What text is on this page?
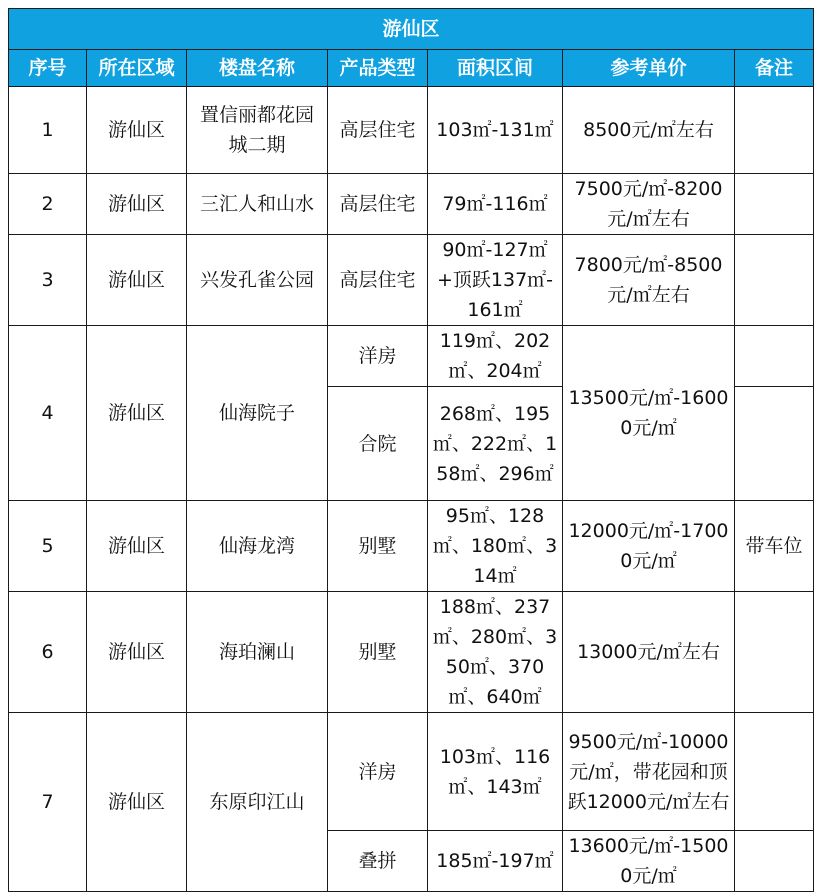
游仙区						
序号	所在区域	楼盘名称	产品类型	面积区间	参考单价	备注
1	游仙区	置信丽都花园城二期	高层住宅	103㎡-131㎡	8500元/㎡左右	
2	游仙区	三汇人和山水	高层住宅	79㎡-116㎡	7500元/㎡-8200元/㎡左右	
3	游仙区	兴发孔雀公园	高层住宅	90㎡-127㎡+顶跃137㎡-161㎡	7800元/㎡-8500元/㎡左右	
4	游仙区	仙海院子	洋房	119㎡、202㎡、204㎡	13500元/㎡-16000元/㎡	
			合院	268㎡、195㎡、222㎡、158㎡、296㎡		
5	游仙区	仙海龙湾	别墅	95㎡、128㎡、180㎡、314㎡	12000元/㎡-17000元/㎡	带车位
6	游仙区	海珀澜山	别墅	188㎡、237㎡、280㎡、350㎡、370㎡、640㎡	13000元/㎡左右	
7	游仙区	东原印江山	洋房	103㎡、116㎡、143㎡	9500元/㎡-10000元/㎡，带花园和顶跃12000元/㎡左右	
			叠拼	185㎡-197㎡	13600元/㎡-15000元/㎡	
